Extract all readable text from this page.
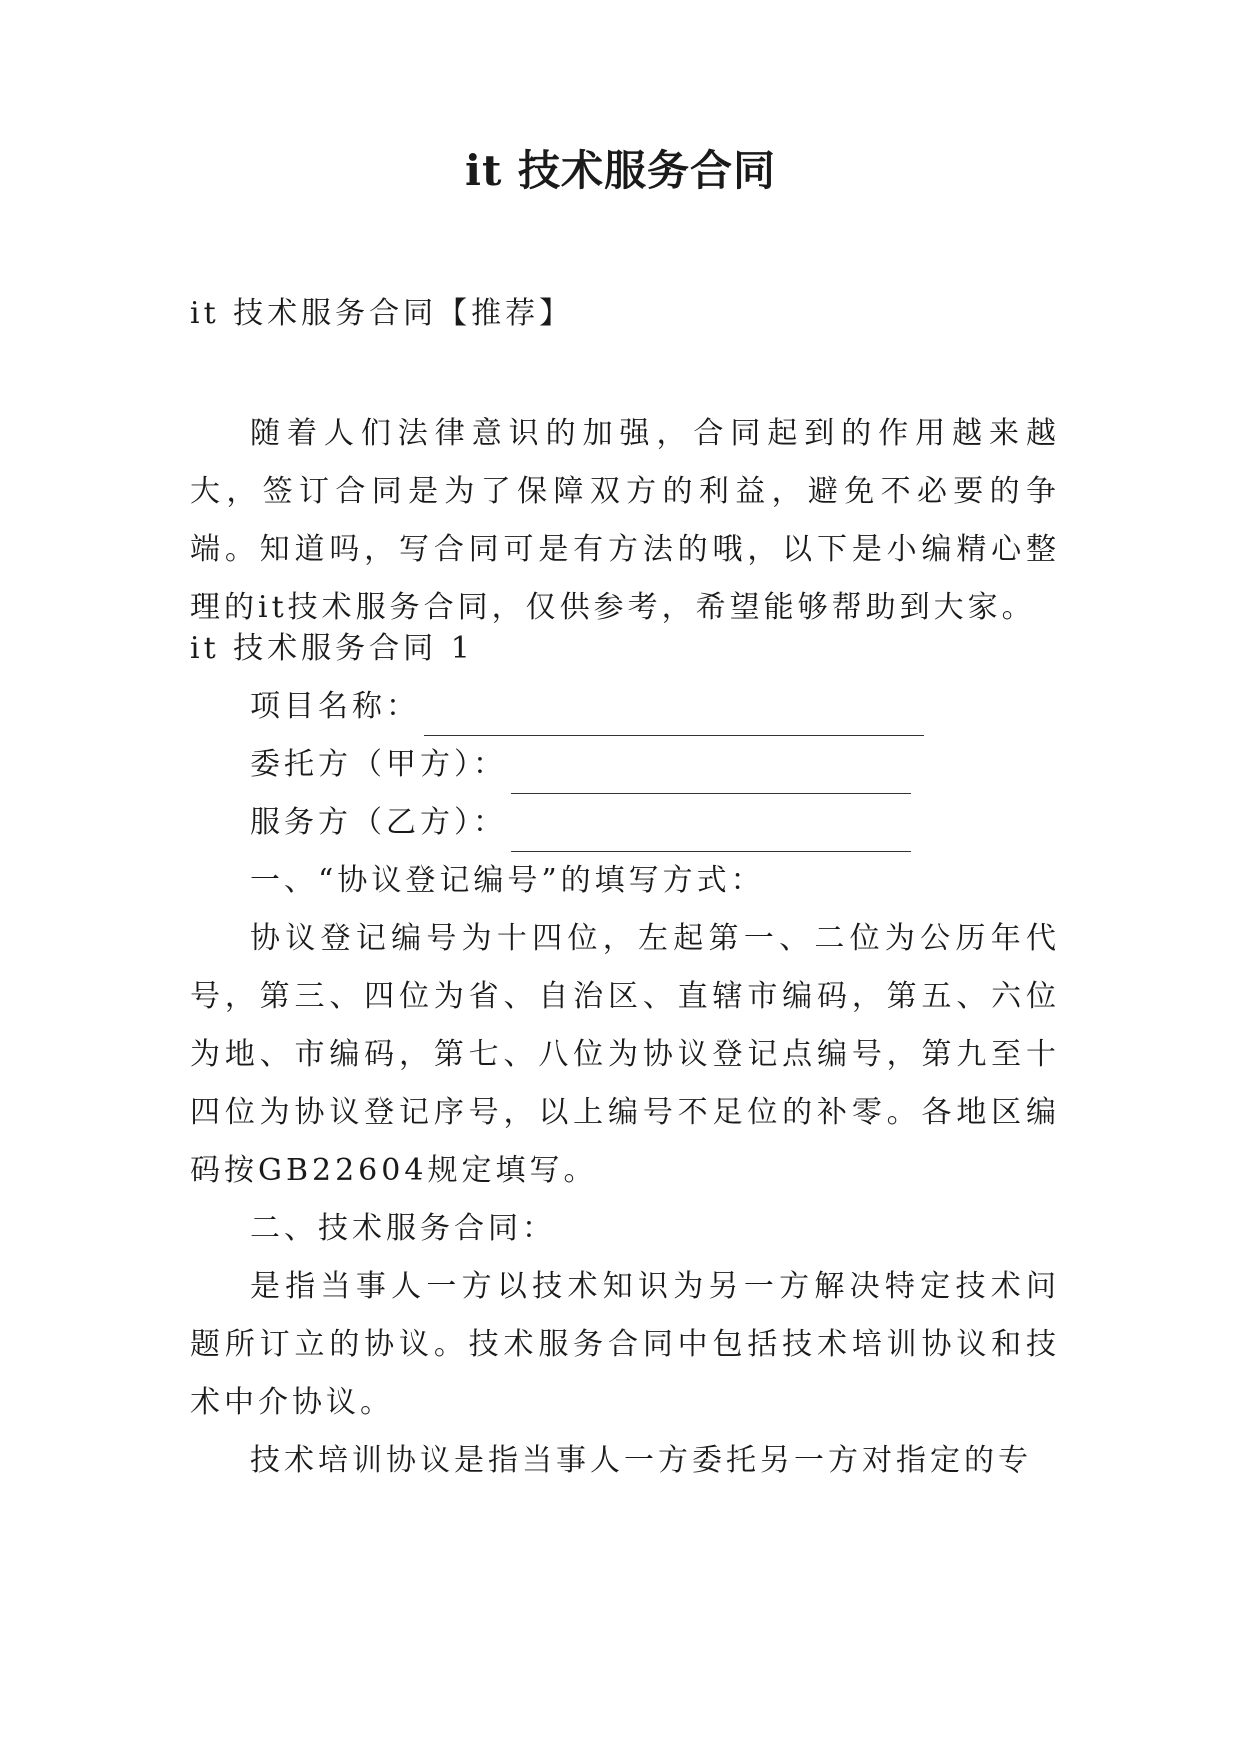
it 技术服务合同

it 技术服务合同【推荐】

随着人们法律意识的加强，合同起到的作用越来越大，签订合同是为了保障双方的利益，避免不必要的争端。知道吗，写合同可是有方法的哦，以下是小编精心整理的it技术服务合同，仅供参考，希望能够帮助到大家。

it 技术服务合同 1

项目名称：

委托方（甲方）：

服务方（乙方）：

一、“协议登记编号”的填写方式：

协议登记编号为十四位，左起第一、二位为公历年代号，第三、四位为省、自治区、直辖市编码，第五、六位为地、市编码，第七、八位为协议登记点编号，第九至十四位为协议登记序号，以上编号不足位的补零。各地区编码按GB22604规定填写。

二、技术服务合同：

是指当事人一方以技术知识为另一方解决特定技术问题所订立的协议。技术服务合同中包括技术培训协议和技术中介协议。

技术培训协议是指当事人一方委托另一方对指定的专
